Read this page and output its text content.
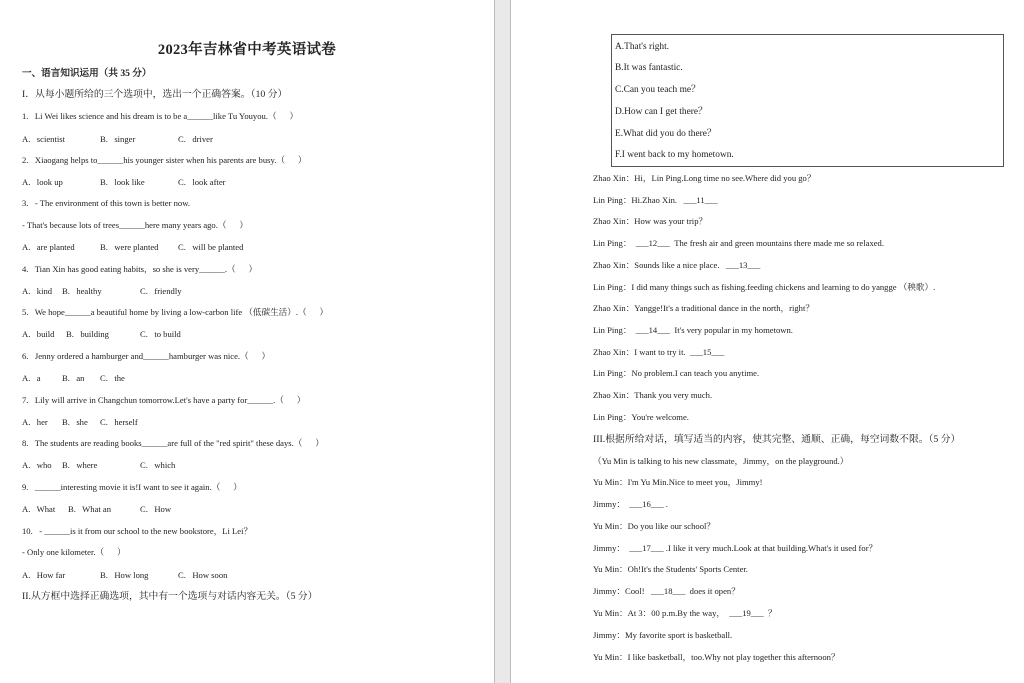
2023年吉林省中考英语试卷
一、语言知识运用（共 35 分）
I．从每小题所给的三个选项中，选出一个正确答案。（10 分）
1.   Li Wei likes science and his dream is to be a______like Tu Youyou.（      ）
A.   scientist	B.   singer	C.   driver
2.   Xiaogang helps to______his younger sister when his parents are busy.（      ）
A.   look up	B.   look like	C.   look after
3.   - The environment of this town is better now.
- That's because lots of trees______here many years ago.（      ）
A.   are planted	B.   were planted C.   will be planted
4.   Tian Xin has good eating habits，so she is very______.（      ）
A.   kind B.   healthy	C.   friendly
5.   We hope______a beautiful home by living a low-carbon life （低碳生活）.（      ）
A.   build B.   building	C.   to build
6.   Jenny ordered a hamburger and______hamburger was nice.（      ）
A.   a B.   an C.   the
7.   Lily will arrive in Changchun tomorrow.Let's have a party for______.（      ）
A.   her B.   she C.   herself
8.   The students are reading books______are full of the "red spirit" these days.（      ）
A.   who B.   where	C.   which
9.   ______interesting movie it is!I want to see it again.（      ）
A.   What B.   What an	C.   How
10.   - ______is it from our school to the new bookstore，Li Lei？
- Only one kilometer.（      ）
A.   How far	B.   How long	C.   How soon
II.从方框中选择正确选项，其中有一个选项与对话内容无关。（5 分）
A.That's right.
B.It was fantastic.
C.Can you teach me？
D.How can I get there？
E.What did you do there？
F.I went back to my hometown.
Zhao Xin：Hi，Lin Ping.Long time no see.Where did you go？
Lin Ping：Hi.Zhao Xin.   ___11___
Zhao Xin：How was your trip？
Lin Ping：  ___12___  The fresh air and green mountains there made me so relaxed.
Zhao Xin：Sounds like a nice place.   ___13___
Lin Ping：I did many things such as fishing.feeding chickens and learning to do yangge （秧歌）.
Zhao Xin：Yangge!It's a traditional dance in the north，right？
Lin Ping：  ___14___  It's very popular in my hometown.
Zhao Xin：I want to try it.  ___15___
Lin Ping：No problem.I can teach you anytime.
Zhao Xin：Thank you very much.
Lin Ping：You're welcome.
III.根据所给对话，填写适当的内容，使其完整、通顺、正确，每空词数不限。（5 分）
（Yu Min is talking to his new classmate，Jimmy，on the playground.）
Yu Min：I'm Yu Min.Nice to meet you，Jimmy!
Jimmy：  ___16___ .
Yu Min：Do you like our school？
Jimmy：  ___17___ .I like it very much.Look at that building.What's it used for？
Yu Min：Oh!It's the Students' Sports Center.
Jimmy：Cool!   ___18___  does it open？
Yu Min：At 3：00 p.m.By the way，  ___19___  ？
Jimmy：My favorite sport is basketball.
Yu Min：I like basketball，too.Why not play together this afternoon？
